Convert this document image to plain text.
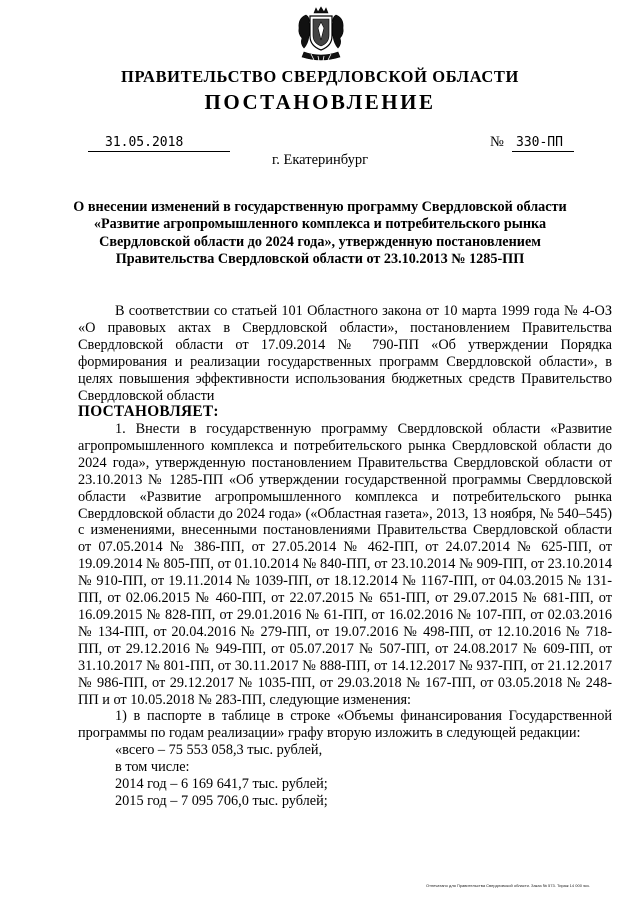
ПРАВИТЕЛЬСТВО СВЕРДЛОВСКОЙ ОБЛАСТИ
ПОСТАНОВЛЕНИЕ
31.05.2018	№ 330-ПП
г. Екатеринбург
О внесении изменений в государственную программу Свердловской области «Развитие агропромышленного комплекса и потребительского рынка Свердловской области до 2024 года», утвержденную постановлением Правительства Свердловской области от 23.10.2013 № 1285-ПП

В соответствии со статьей 101 Областного закона от 10 марта 1999 года № 4-ОЗ «О правовых актах в Свердловской области», постановлением Правительства Свердловской области от 17.09.2014 № 790-ПП «Об утверждении Порядка формирования и реализации государственных программ Свердловской области», в целях повышения эффективности использования бюджетных средств Правительство Свердловской области

ПОСТАНОВЛЯЕТ:

1. Внести в государственную программу Свердловской области «Развитие агропромышленного комплекса и потребительского рынка Свердловской области до 2024 года», утвержденную постановлением Правительства Свердловской области от 23.10.2013 № 1285-ПП «Об утверждении государственной программы Свердловской области «Развитие агропромышленного комплекса и потребительского рынка Свердловской области до 2024 года» («Областная газета», 2013, 13 ноября, № 540–545) с изменениями, внесенными постановлениями Правительства Свердловской области от 07.05.2014 № 386-ПП, от 27.05.2014 № 462-ПП, от 24.07.2014 № 625-ПП, от 19.09.2014 № 805-ПП, от 01.10.2014 № 840-ПП, от 23.10.2014 № 909-ПП, от 23.10.2014 № 910-ПП, от 19.11.2014 № 1039-ПП, от 18.12.2014 № 1167-ПП, от 04.03.2015 № 131-ПП, от 02.06.2015 № 460-ПП, от 22.07.2015 № 651-ПП, от 29.07.2015 № 681-ПП, от 16.09.2015 № 828-ПП, от 29.01.2016 № 61-ПП, от 16.02.2016 № 107-ПП, от 02.03.2016 № 134-ПП, от 20.04.2016 № 279-ПП, от 19.07.2016 № 498-ПП, от 12.10.2016 № 718-ПП, от 29.12.2016 № 949-ПП, от 05.07.2017 № 507-ПП, от 24.08.2017 № 609-ПП, от 31.10.2017 № 801-ПП, от 30.11.2017 № 888-ПП, от 14.12.2017 № 937-ПП, от 21.12.2017 № 986-ПП, от 29.12.2017 № 1035-ПП, от 29.03.2018 № 167-ПП, от 03.05.2018 № 248-ПП и от 10.05.2018 № 283-ПП, следующие изменения:

1) в паспорте в таблице в строке «Объемы финансирования Государственной программы по годам реализации» графу вторую изложить в следующей редакции:

«всего – 75 553 058,3 тыс. рублей,

в том числе:

2014 год – 6 169 641,7 тыс. рублей;

2015 год – 7 095 706,0 тыс. рублей;

Отпечатано для Правительства Свердловской области. Заказ № 573. Тираж 14 000 экз.
